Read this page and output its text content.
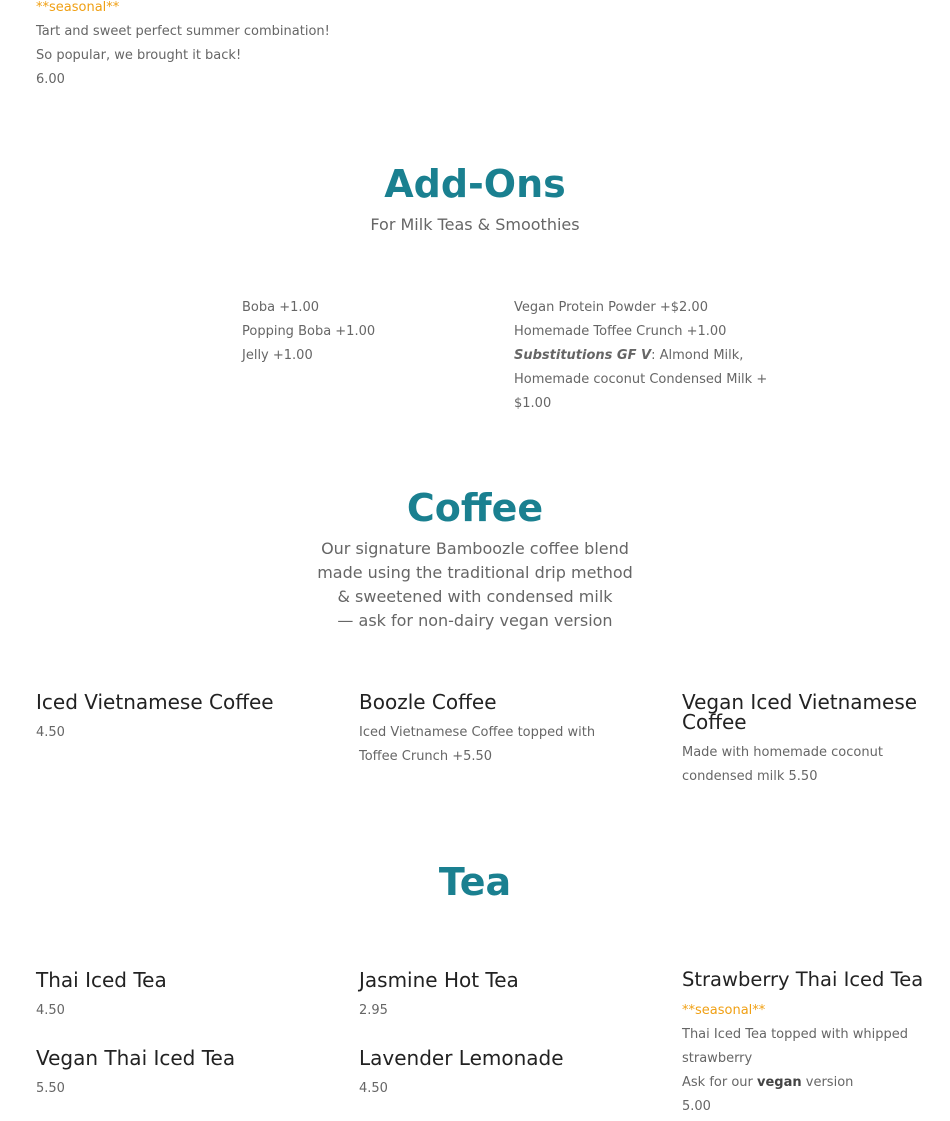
**seasonal**
Tart and sweet perfect summer combination!
So popular, we brought it back!
6.00
Add-Ons
For Milk Teas & Smoothies
Boba +1.00
Popping Boba +1.00
Jelly +1.00
Vegan Protein Powder +$2.00
Homemade Toffee Crunch +1.00
Substitutions GF V: Almond Milk,
Homemade coconut Condensed Milk +
$1.00
Coffee
Our signature Bamboozle coffee blend
made using the traditional drip method
& sweetened with condensed milk
— ask for non-dairy vegan version
Iced Vietnamese Coffee
4.50
Boozle Coffee
Iced Vietnamese Coffee topped with
Toffee Crunch +5.50
Vegan Iced Vietnamese
Coffee
Made with homemade coconut
condensed milk 5.50
Tea
Thai Iced Tea
4.50
Vegan Thai Iced Tea
5.50
Jasmine Hot Tea
2.95
Lavender Lemonade
4.50
Strawberry Thai Iced Tea
**seasonal**
Thai Iced Tea topped with whipped
strawberry
Ask for our vegan version
5.00
